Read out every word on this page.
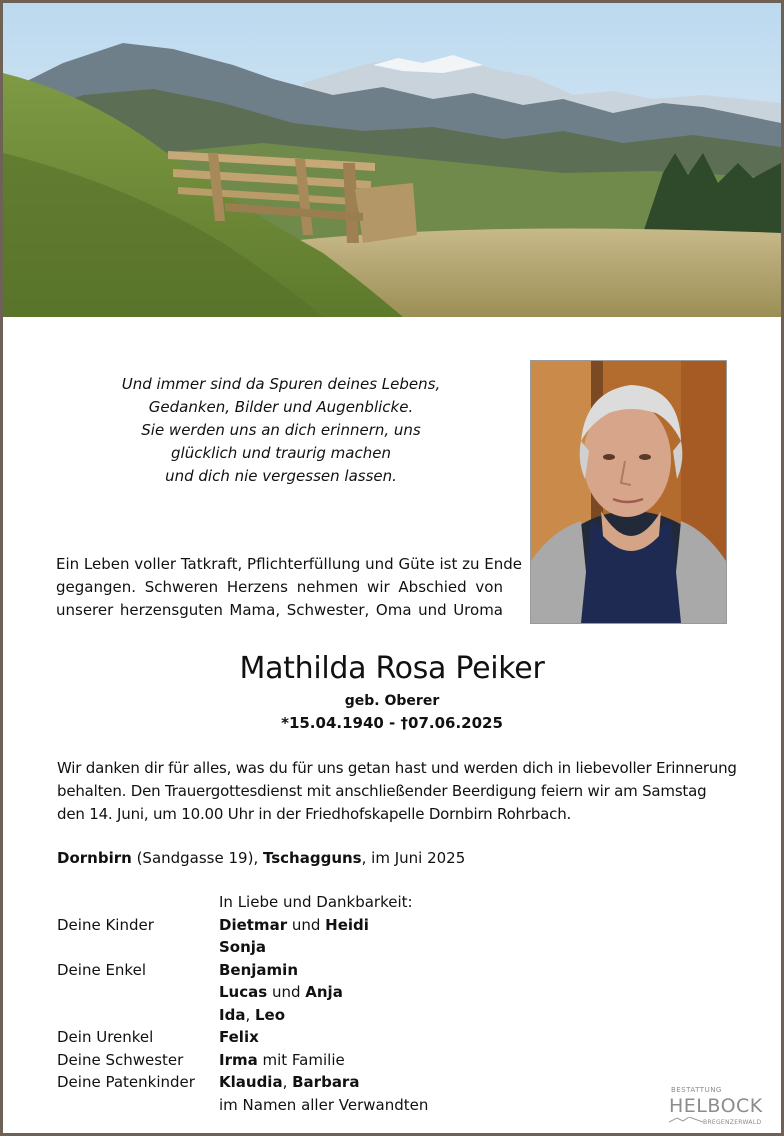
Und immer sind da Spuren deines Lebens,
Gedanken, Bilder und Augenblicke.
Sie werden uns an dich erinnern, uns
glücklich und traurig machen
und dich nie vergessen lassen.
Ein Leben voller Tatkraft, Pflichterfüllung und Güte ist zu Ende
gegangen. Schweren Herzens nehmen wir Abschied von
unserer herzensguten Mama, Schwester, Oma und Uroma
Mathilda Rosa Peiker
geb. Oberer
*15.04.1940 - †07.06.2025
Wir danken dir für alles, was du für uns getan hast und werden dich in liebevoller Erinnerung
behalten. Den Trauergottesdienst mit anschließender Beerdigung feiern wir am Samstag
den 14. Juni, um 10.00 Uhr in der Friedhofskapelle Dornbirn Rohrbach.
Dornbirn (Sandgasse 19), Tschagguns, im Juni 2025
In Liebe und Dankbarkeit:
Deine Kinder	Dietmar und Heidi
Sonja
Deine Enkel	Benjamin
Lucas und Anja
Ida, Leo
Dein Urenkel	Felix
Deine Schwester Irma mit Familie
Deine Patenkinder Klaudia, Barbara
im Namen aller Verwandten
BESTATTUNG
HELBOCK
BREGENZERWALD
